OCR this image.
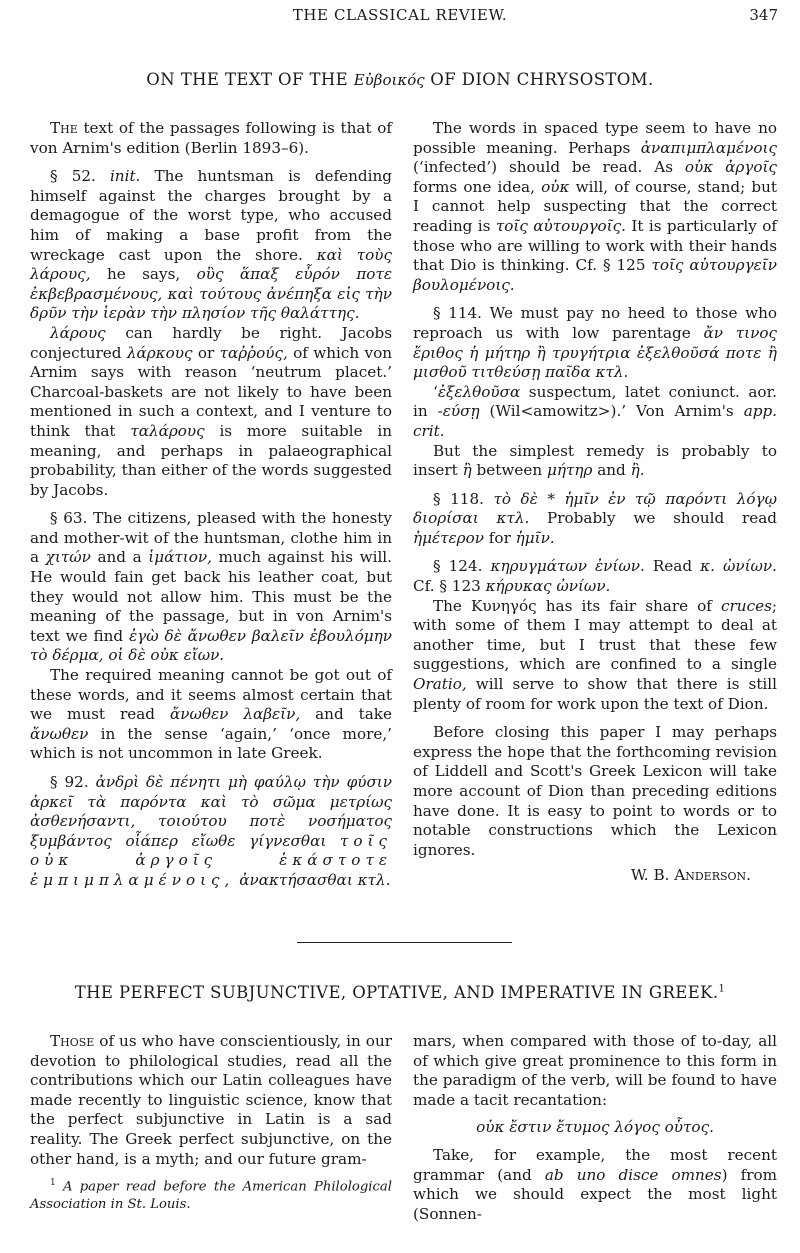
THE CLASSICAL REVIEW.	347
ON THE TEXT OF THE Εὐβοικός OF DION CHRYSOSTOM.

The text of the passages following is that of von Arnim's edition (Berlin 1893–6).

§ 52. init. The huntsman is defending himself against the charges brought by a demagogue of the worst type, who accused him of making a base profit from the wreckage cast upon the shore. καὶ τοὺς λάρους, he says, οὓς ἅπαξ εὗρόν ποτε ἐκβεβρασμένους, καὶ τούτους ἀνέπηξα εἰς τὴν δρῦν τὴν ἱερὰν τὴν πλησίον τῆς θαλάττης.

λάρους can hardly be right. Jacobs conjectured λάρκους or ταῤῥούς, of which von Arnim says with reason ‘neutrum placet.’ Charcoal-baskets are not likely to have been mentioned in such a context, and I venture to think that ταλάρους is more suitable in meaning, and perhaps in palaeographical probability, than either of the words suggested by Jacobs.

§ 63. The citizens, pleased with the honesty and mother-wit of the huntsman, clothe him in a χιτών and a ἱμάτιον, much against his will. He would fain get back his leather coat, but they would not allow him. This must be the meaning of the passage, but in von Arnim's text we find ἐγὼ δὲ ἄνωθεν βαλεῖν ἐβουλόμην τὸ δέρμα, οἱ δὲ οὐκ εἴων.

The required meaning cannot be got out of these words, and it seems almost certain that we must read ἄνωθεν λαβεῖν, and take ἄνωθεν in the sense ‘again,’ ‘once more,’ which is not uncommon in late Greek.

§ 92. ἀνδρὶ δὲ πένητι μὴ φαύλῳ τὴν φύσιν ἀρκεῖ τὰ παρόντα καὶ τὸ σῶμα μετρίως ἀσθενήσαντι, τοιούτου ποτὲ νοσήματος ξυμβάντος οἷάπερ εἴωθε γίγνεσθαι τοῖς οὐκ ἀργοῖς ἑκάστοτε ἐμπιμπλαμένοις, ἀνακτήσασθαι κτλ.

The words in spaced type seem to have no possible meaning. Perhaps ἀναπιμπλαμένοις (‘infected’) should be read. As οὐκ ἀργοῖς forms one idea, οὐκ will, of course, stand; but I cannot help suspecting that the correct reading is τοῖς αὐτουργοῖς. It is particularly of those who are willing to work with their hands that Dio is thinking. Cf. § 125 τοῖς αὐτουργεῖν βουλομένοις.

§ 114. We must pay no heed to those who reproach us with low parentage ἄν τινος ἔριθος ἡ μήτηρ ἢ τρυγήτρια ἐξελθοῦσά ποτε ἢ μισθοῦ τιτθεύσῃ παῖδα κτλ.

‘ἐξελθοῦσα suspectum, latet coniunct. aor. in -εύσῃ (Wil<amowitz>).’ Von Arnim's app. crit.

But the simplest remedy is probably to insert ἢ between μήτηρ and ἢ.

§ 118. τὸ δὲ * ἡμῖν ἐν τῷ παρόντι λόγῳ διορίσαι κτλ. Probably we should read ἡμέτερον for ἡμῖν.

§ 124. κηρυγμάτων ἐνίων. Read κ. ὠνίων. Cf. § 123 κήρυκας ὠνίων.

The Κυνηγός has its fair share of cruces; with some of them I may attempt to deal at another time, but I trust that these few suggestions, which are confined to a single Oratio, will serve to show that there is still plenty of room for work upon the text of Dion.

Before closing this paper I may perhaps express the hope that the forthcoming revision of Liddell and Scott's Greek Lexicon will take more account of Dion than preceding editions have done. It is easy to point to words or to notable constructions which the Lexicon ignores.

W. B. Anderson.
THE PERFECT SUBJUNCTIVE, OPTATIVE, AND IMPERATIVE IN GREEK.$^1$

Those of us who have conscientiously, in our devotion to philological studies, read all the contributions which our Latin colleagues have made recently to linguistic science, know that the perfect subjunctive in Latin is a sad reality. The Greek perfect subjunctive, on the other hand, is a myth; and our future gram-

$^1$ A paper read before the American Philological Association in St. Louis.

mars, when compared with those of to-day, all of which give great prominence to this form in the paradigm of the verb, will be found to have made a tacit recantation:

οὐκ ἔστιν ἔτυμος λόγος οὗτος.

Take, for example, the most recent grammar (and ab uno disce omnes) from which we should expect the most light (Sonnen-
